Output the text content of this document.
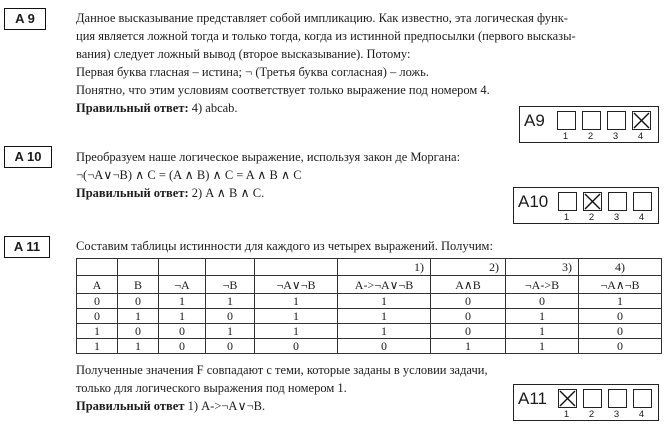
A 9	Данное высказывание представляет собой импликацию. Как известно, эта логическая функ-
ция является ложной тогда и только тогда, когда из истинной предпосылки (первого высказы-
вания) следует ложный вывод (второе высказывание). Потому:
Первая буква гласная – истина; ¬ (Третья буква согласная) – ложь.
Понятно, что этим условиям соответствует только выражение под номером 4.
Правильный ответ: 4) abcab.
A9
1	2	3	4
A 10	Преобразуем наше логическое выражение, используя закон де Моргана:
¬(¬A∨¬B) ∧ C = (A ∧ B) ∧ C = A ∧ B ∧ C
Правильный ответ: 2) A ∧ B ∧ C.	A10
1	2	3	4
A 11	Составим таблицы истинности для каждого из четырех выражений. Получим:
					1)	2)	3)	4)
A	B	¬A	¬B	¬A∨¬B	A->¬A∨¬B	A∧B	¬A->B	¬A∧¬B
0	0	1	1	1	1	0	0	1
0	1	1	0	1	1	0	1	0
1	0	0	1	1	1	0	1	0
1	1	0	0	0	0	1	1	0
Полученные значения F совпадают с теми, которые заданы в условии задачи,
только для логического выражения под номером 1.
Правильный ответ 1) A->¬A∨¬B.	A11
1	2	3	4
